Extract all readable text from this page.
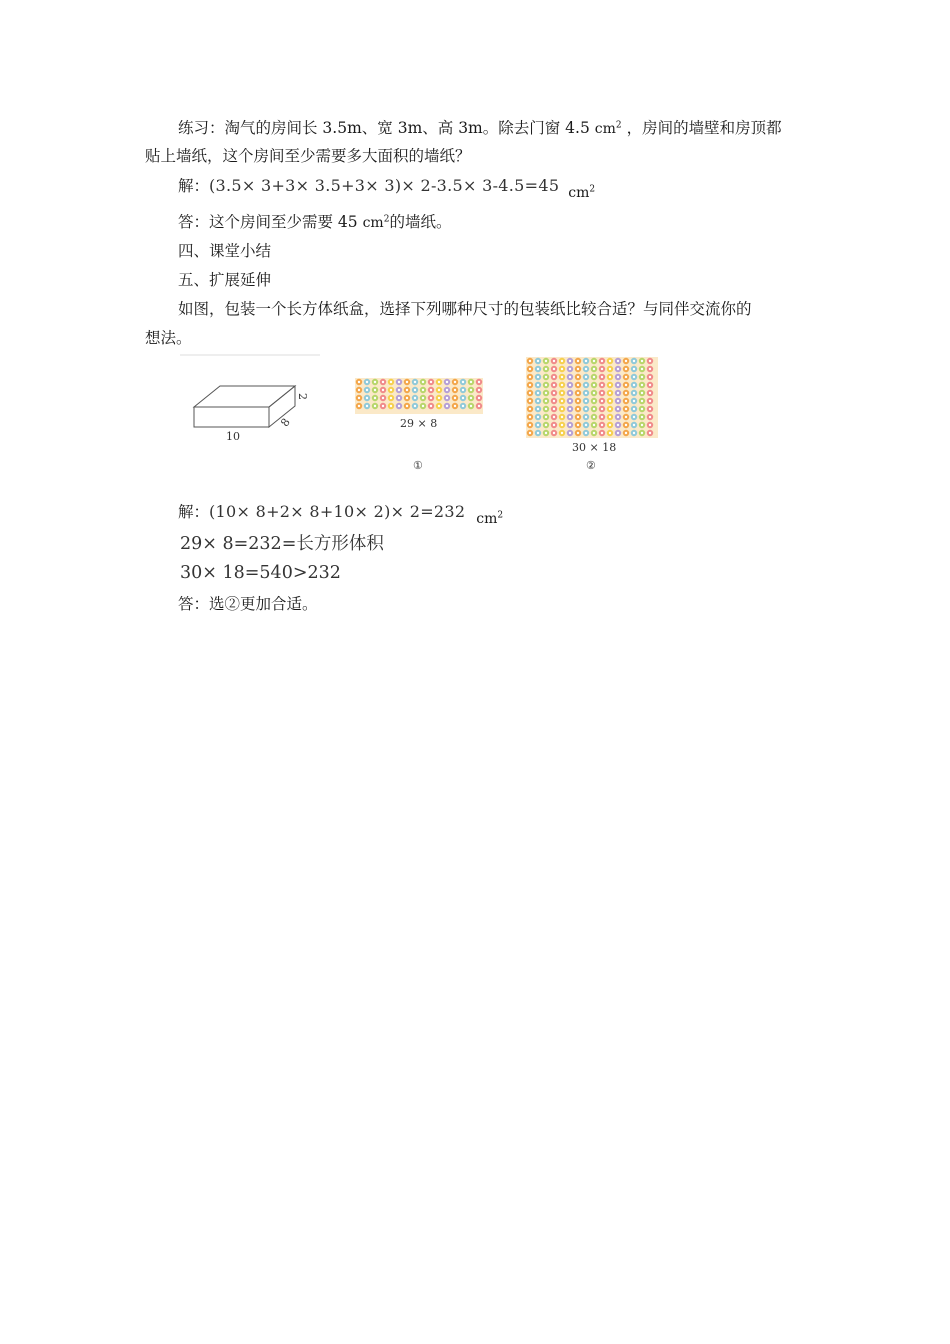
练习：淘气的房间长 3.5m、宽 3m、高 3m。除去门窗 4.5 $cm^2$ ，房间的墙壁和房顶都
贴上墙纸，这个房间至少需要多大面积的墙纸？
解：(3.5× 3+3× 3.5+3× 3)× 2-3.5× 3-4.5=45 $cm^2$
答：这个房间至少需要 45 $cm^2$的墙纸。
四、课堂小结
五、扩展延伸
如图，包装一个长方体纸盒，选择下列哪种尺寸的包装纸比较合适？与同伴交流你的
想法。
10
8
2
29 × 8
①
30 × 18
②
解：(10× 8+2× 8+10× 2)× 2=232 $cm^2$
29× 8=232=长方形体积
30× 18=540>232
答：选②更加合适。
